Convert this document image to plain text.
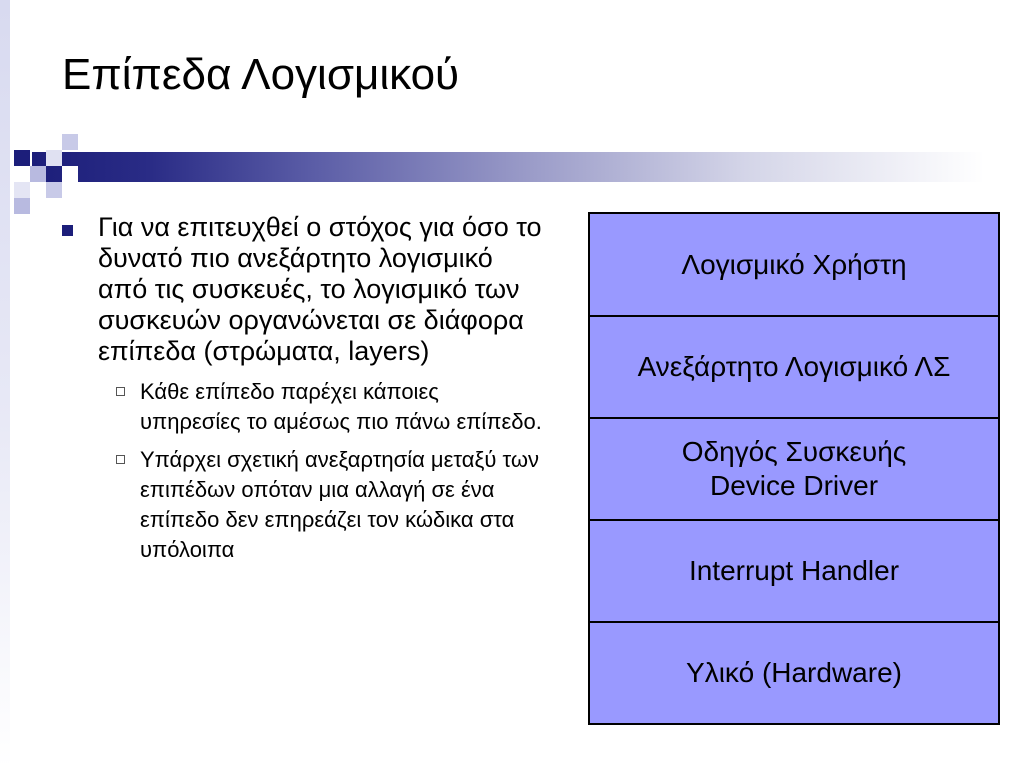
Επίπεδα Λογισμικού
Για να επιτευχθεί ο στόχος για όσο το δυνατό πιο ανεξάρτητο λογισμικό από τις συσκευές, το λογισμικό των συσκευών οργανώνεται σε διάφορα επίπεδα (στρώματα, layers)
Κάθε επίπεδο παρέχει κάποιες υπηρεσίες το αμέσως πιο πάνω επίπεδο.
Υπάρχει σχετική ανεξαρτησία μεταξύ των επιπέδων οπόταν μια αλλαγή σε ένα επίπεδο δεν επηρεάζει τον κώδικα στα υπόλοιπα
Λογισμικό Χρήστη
Ανεξάρτητο Λογισμικό ΛΣ
Οδηγός Συσκευής
Device Driver
Interrupt Handler
Υλικό (Hardware)
